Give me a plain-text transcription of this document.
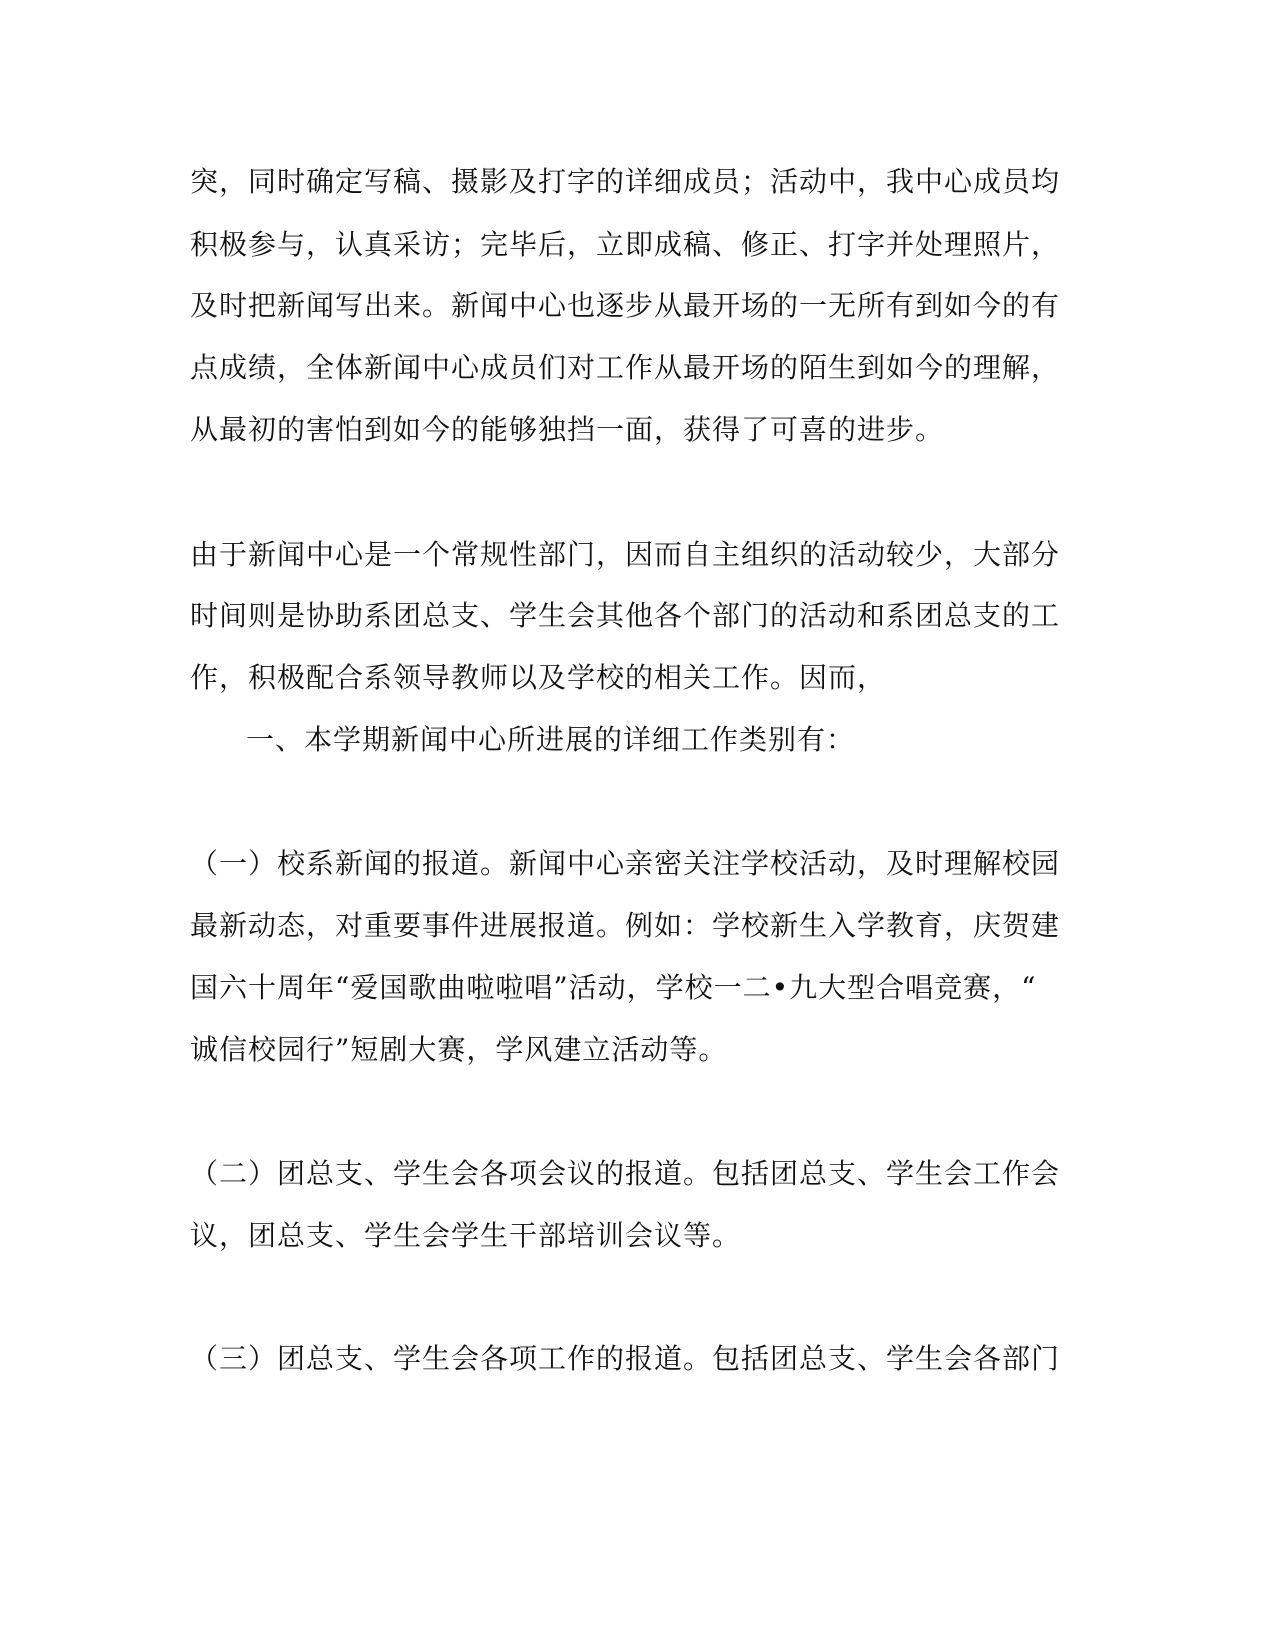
突，同时确定写稿、摄影及打字的详细成员；活动中，我中心成员均
积极参与，认真采访；完毕后，立即成稿、修正、打字并处理照片，
及时把新闻写出来。新闻中心也逐步从最开场的一无所有到如今的有
点成绩，全体新闻中心成员们对工作从最开场的陌生到如今的理解，
从最初的害怕到如今的能够独挡一面，获得了可喜的进步。
由于新闻中心是一个常规性部门，因而自主组织的活动较少，大部分
时间则是协助系团总支、学生会其他各个部门的活动和系团总支的工
作，积极配合系领导教师以及学校的相关工作。因而，
一、本学期新闻中心所进展的详细工作类别有：
（一）校系新闻的报道。新闻中心亲密关注学校活动，及时理解校园
最新动态，对重要事件进展报道。例如：学校新生入学教育，庆贺建
国六十周年“爱国歌曲啦啦唱”活动，学校一二•九大型合唱竞赛，“
诚信校园行”短剧大赛，学风建立活动等。
（二）团总支、学生会各项会议的报道。包括团总支、学生会工作会
议，团总支、学生会学生干部培训会议等。
（三）团总支、学生会各项工作的报道。包括团总支、学生会各部门
